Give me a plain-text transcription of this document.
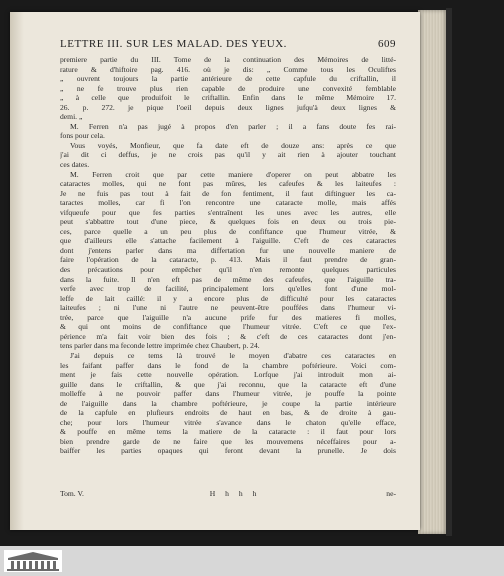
LETTRE III. SUR LES MALAD. DES YEUX.	609
premiere partie du III. Tome de la continuation des Mémoires de litté-
rature & d'hiftoire pag. 416. où je dis: „ Comme tous les Oculiftes
„ ouvrent toujours la partie antérieure de cette capfule du criftallin, il
„ ne fe trouve plus rien capable de produire une convexité femblable
„ à celle que produifoit le criftallin. Enfin dans le même Mémoire 17.
26. p. 272. je pique l'oeil depuis deux lignes jufqu'à deux lignes &
demi. „
M. Ferren n'a pas jugé à propos d'en parler ; il a fans doute fes rai-
fons pour cela.
Vous voyés, Monfieur, que fa date eft de douze ans: après ce que
j'ai dit ci deffus, je ne crois pas qu'il y ait rien à ajouter touchant
ces dates.
M. Ferren croit que par cette maniere d'operer on peut abbatre les
cataractes molles, qui ne font pas mûres, les cafeufes & les laiteufes :
Je ne fuis pas tout à fait de fon fentiment, il faut diftinguer les ca-
taractes molles, car fi l'on rencontre une cataracte molle, mais affés
vifqueufe pour que fes parties s'entraînent les unes avec les autres, elle
peut s'abbattre tout d'une piece, & quelques fois en deux ou trois pie-
ces, parce quelle a un peu plus de confiftance que l'humeur vitrée, &
que d'ailleurs elle s'attache facilement à l'aiguille. C'eft de ces cataractes
dont j'entens parler dans ma differtation fur une nouvelle maniere de
faire l'opération de la cataracte, p. 413. Mais il faut prendre de gran-
des précautions pour empêcher qu'il n'en remonte quelques particules
dans la fuite. Il n'en eft pas de même des cafeufes, que l'aiguille tra-
verfe avec trop de facilité, principalement lors qu'elles font d'une mol-
leffe de lait caillé: il y a encore plus de difficulté pour les cataractes
laiteufes ; ni l'une ni l'autre ne peuvent-être pouffées dans l'humeur vi-
trée, parce que l'aiguille n'a aucune prife fur des matieres fi molles,
& qui ont moins de confiftance que l'humeur vitrée. C'eft ce que l'ex-
périence m'a fait voir bien des fois ; & c'eft de ces cataractes dont j'en-
tens parler dans ma feconde lettre imprimée chez Chaubert, p. 24.
J'ai depuis ce tems là trouvé le moyen d'abatre ces cataractes en
les faifant paffer dans le fond de la chambre poftérieure. Voici com-
ment je fais cette nouvelle opération. Lorfque j'ai introduit mon ai-
guille dans le criftallin, & que j'ai reconnu, que la cataracte eft d'une
molleffe à ne pouvoir paffer dans l'humeur vitrée, je pouffe la pointe
de l'aiguille dans la chambre poftérieure, je coupe la partie intérieure
de la capfule en plufieurs endroits de haut en bas, & de droite à gau-
che; pour lors l'humeur vitrée s'avance dans le chaton qu'elle efface,
& pouffe en même tems la matiere de la cataracte : il faut pour lors
bien prendre garde de ne faire que les mouvemens néceffaires pour a-
baiffer les parties opaques qui feront devant la prunelle. Je dois
Tom. V.	H h h h	ne-
